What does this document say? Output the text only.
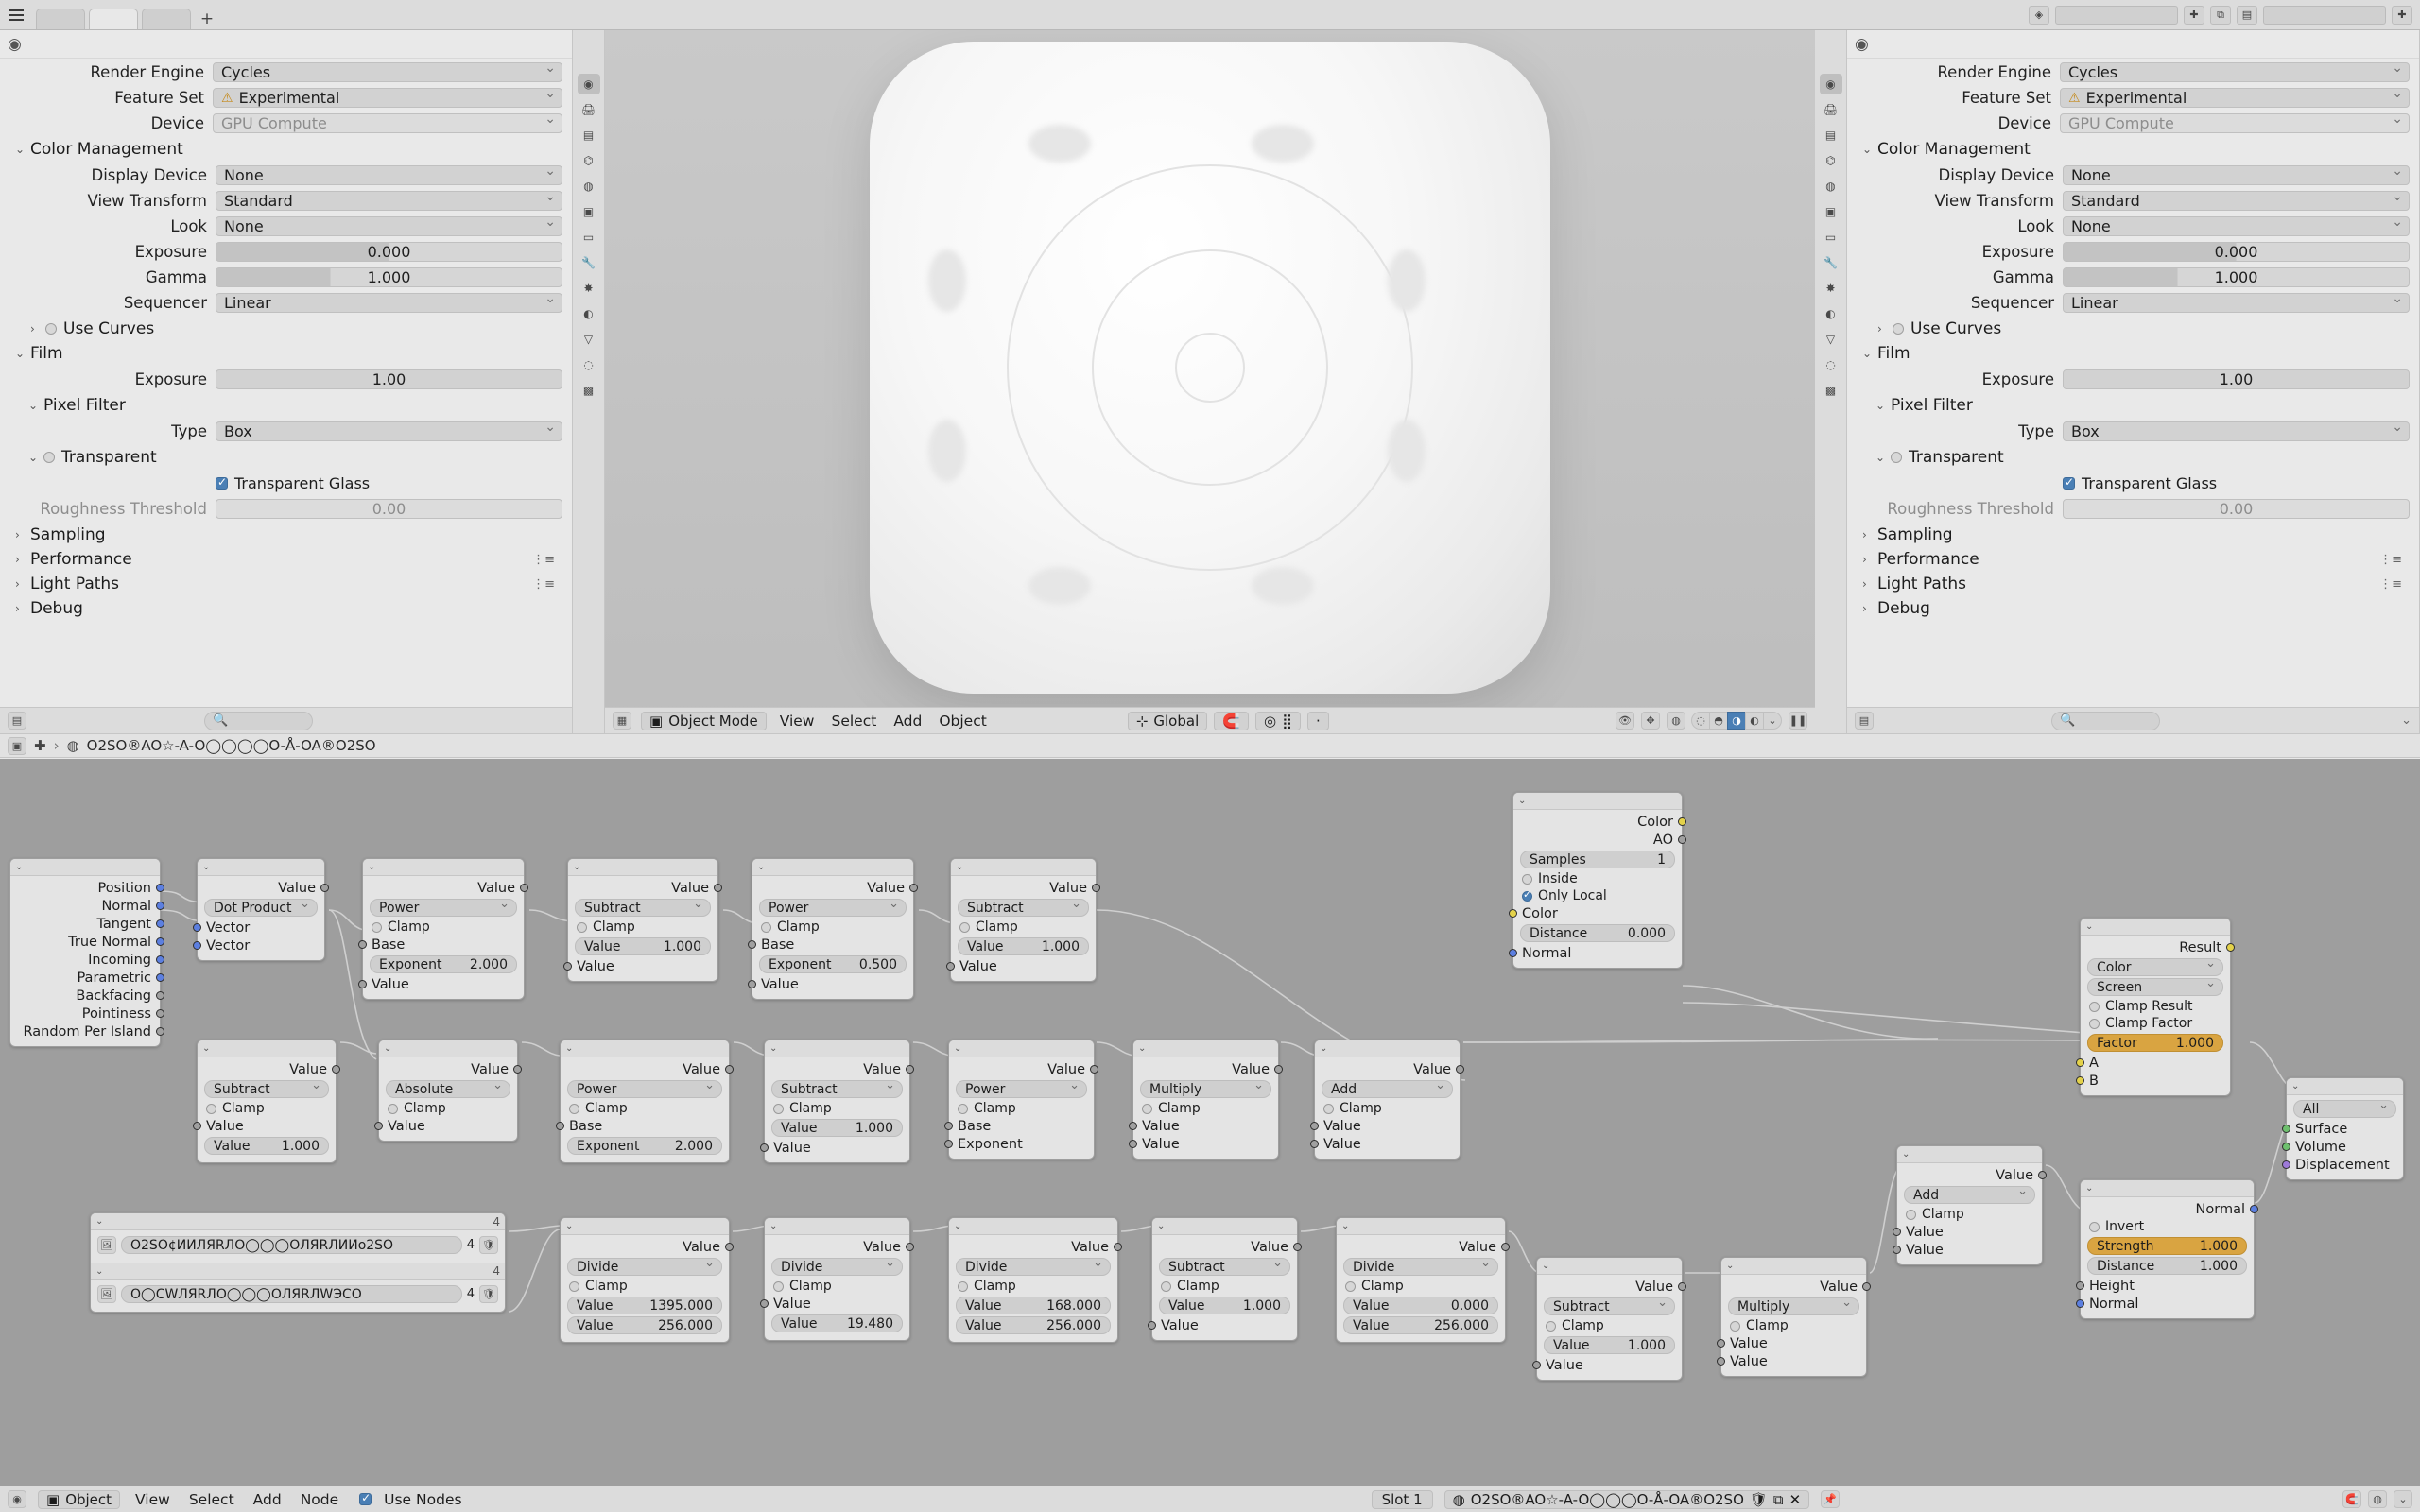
+	◈	✚	⧉	▤	✚
◉
🖨
▤
⌬
◍
▣
▭
🔧
✸
◐
▽
◌
▩
◉
Render Engine	Cycles ⌄
Feature Set	⚠ Experimental
⌄
Device	GPU Compute ⌄
⌄ Color Management
Display Device	None ⌄
View Transform	Standard ⌄
Look	None ⌄
Exposure	0.000
Gamma	1.000
Sequencer	Linear ⌄
› Use Curves
⌄ Film
Exposure	1.00
⌄ Pixel Filter
Type	Box ⌄
⌄ Transparent
✓
Transparent Glass
Roughness Threshold	0.00
› Sampling
› Performance	⋮≡
› Light Paths	⋮≡
› Debug
▤	🔍	▦	▣ Object Mode View Select Add Object	⊹ Global 🧲 ◎ ⣿ ·	👁	✥	◍	◌ ◓ ◑ ◐ ⌄	❚❚
◉
🖨
▤
⌬
◍
▣
▭
🔧
✸
◐
▽
◌
▩
◉
Render Engine	Cycles ⌄
Feature Set	⚠ Experimental
⌄
Device	GPU Compute ⌄
⌄ Color Management
Display Device	None ⌄
View Transform	Standard ⌄
Look	None ⌄
Exposure	0.000
Gamma	1.000
Sequencer	Linear ⌄
› Use Curves
⌄ Film
Exposure	1.00
⌄ Pixel Filter
Type	Box ⌄
⌄ Transparent
✓
Transparent Glass
Roughness Threshold	0.00
› Sampling
› Performance	⋮≡
› Light Paths	⋮≡
› Debug
▤	🔍	⌄
▣ ✚ › ◍ O2SO®AO☆-A-O◯◯◯◯O-Å-OA®O2SO
⌄
Position
Normal
Tangent
True Normal
Incoming
Parametric
Backfacing
Pointiness
Random Per Island
⌄
Value
Dot Product ⌄
Vector
Vector
⌄
Value
Power ⌄
Clamp
Base
Exponent 2.000
Value
⌄
Value
Subtract ⌄
Clamp
Value	1.000
Value
⌄
Value
Power ⌄
Clamp
Base
Exponent 0.500
Value
⌄
Value
Subtract ⌄
Clamp
Value	1.000
Value
⌄
Color
AO
Samples	1
Inside
✓
Only Local
Color
Distance	0.000
Normal
⌄
Value
Subtract ⌄
Clamp
Value
Value 1.000
⌄
Value
Absolute ⌄
Clamp
Value
⌄
Value
Power ⌄
Clamp
Base
Exponent	2.000
⌄
Value
Subtract ⌄
Clamp
Value	1.000
Value
⌄
Value
Power ⌄
Clamp
Base
Exponent
⌄
Value
Multiply ⌄
Clamp
Value
Value
⌄
Value
Add ⌄
Clamp
Value
Value
⌄
Result
Color ⌄
Screen ⌄
Clamp Result
Clamp Factor
Factor	1.000
A
B
⌄
Value
Add ⌄
Clamp
Value
Value
⌄
Normal
Invert
Strength	1.000
Distance	1.000
Height
Normal
⌄
All ⌄
Surface
Volume
Displacement
⌄	4
🖼	O2SO¢ИИЛЯRЛО◯◯◯ОЛЯRЛИИо2SO	4 🛡
⌄	4
🖼	O◯CWЛЯRЛО◯◯◯ОЛЯRЛWЭCO	4 🛡
⌄
Value
Divide ⌄
Clamp
Value	1395.000
Value	256.000
⌄
Value
Divide ⌄
Clamp
Value
Value 19.480
⌄
Value
Divide ⌄
Clamp
Value	168.000
Value	256.000
⌄
Value
Subtract ⌄
Clamp
Value	1.000
Value
⌄
Value
Divide ⌄
Clamp
Value	0.000
Value	256.000
⌄
Value
Subtract ⌄
Clamp
Value	1.000
Value
⌄
Value
Multiply ⌄
Clamp
Value
Value
◉	▣ Object View Select Add Node ✓	Use Nodes	Slot 1 ◍ O2SO®AO☆-A-O◯◯◯O-Å-OA®O2SO 🛡 ⧉ ✕ 📌	🧲	◍	⌄
